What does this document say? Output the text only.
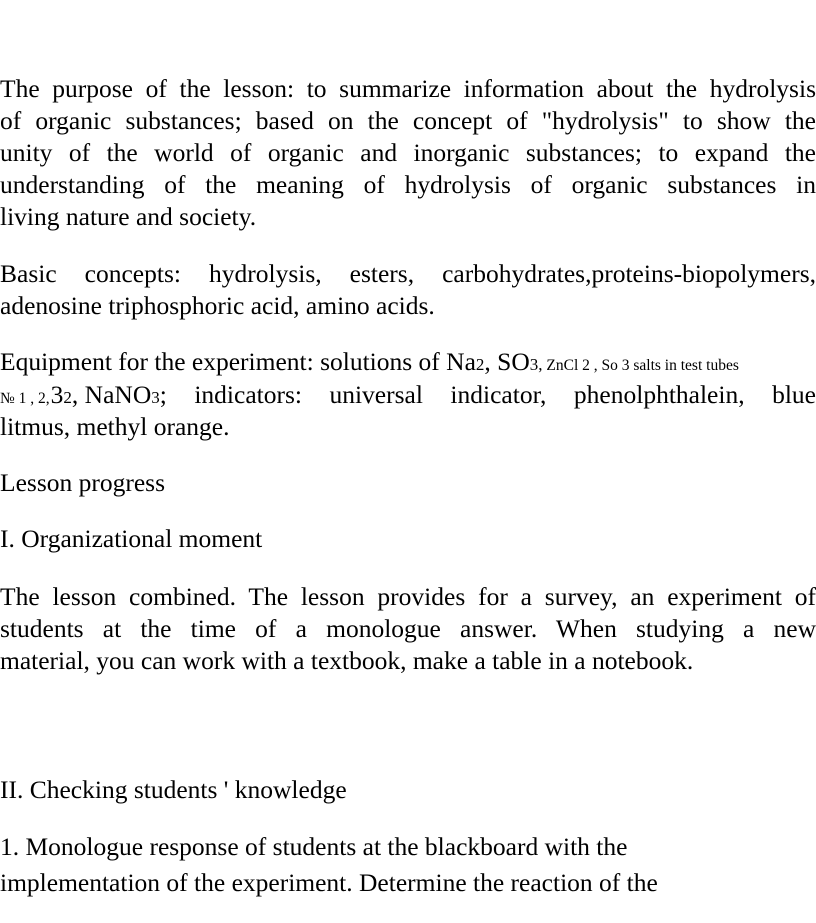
The purpose of the lesson: to summarize information about the hydrolysis

of organic substances; based on the concept of "hydrolysis" to show the

unity of the world of organic and inorganic substances; to expand the

understanding of the meaning of hydrolysis of organic substances in

living nature and society.

Basic concepts: hydrolysis, esters, carbohydrates,proteins-biopolymers,

adenosine triphosphoric acid, amino acids.

Equipment for the experiment: solutions of Na2, SO3, ZnCl 2 , So 3 salts in test tubes

№ 1 , 2, 3 2 , NaNO 3 ; indicators: universal indicator, phenolphthalein, blue

litmus, methyl orange.

Lesson progress

I. Organizational moment

The lesson combined. The lesson provides for a survey, an experiment of

students at the time of a monologue answer. When studying a new

material, you can work with a textbook, make a table in a notebook.

II. Checking students ' knowledge

1. Monologue response of students at the blackboard with the

implementation of the experiment. Determine the reaction of the
